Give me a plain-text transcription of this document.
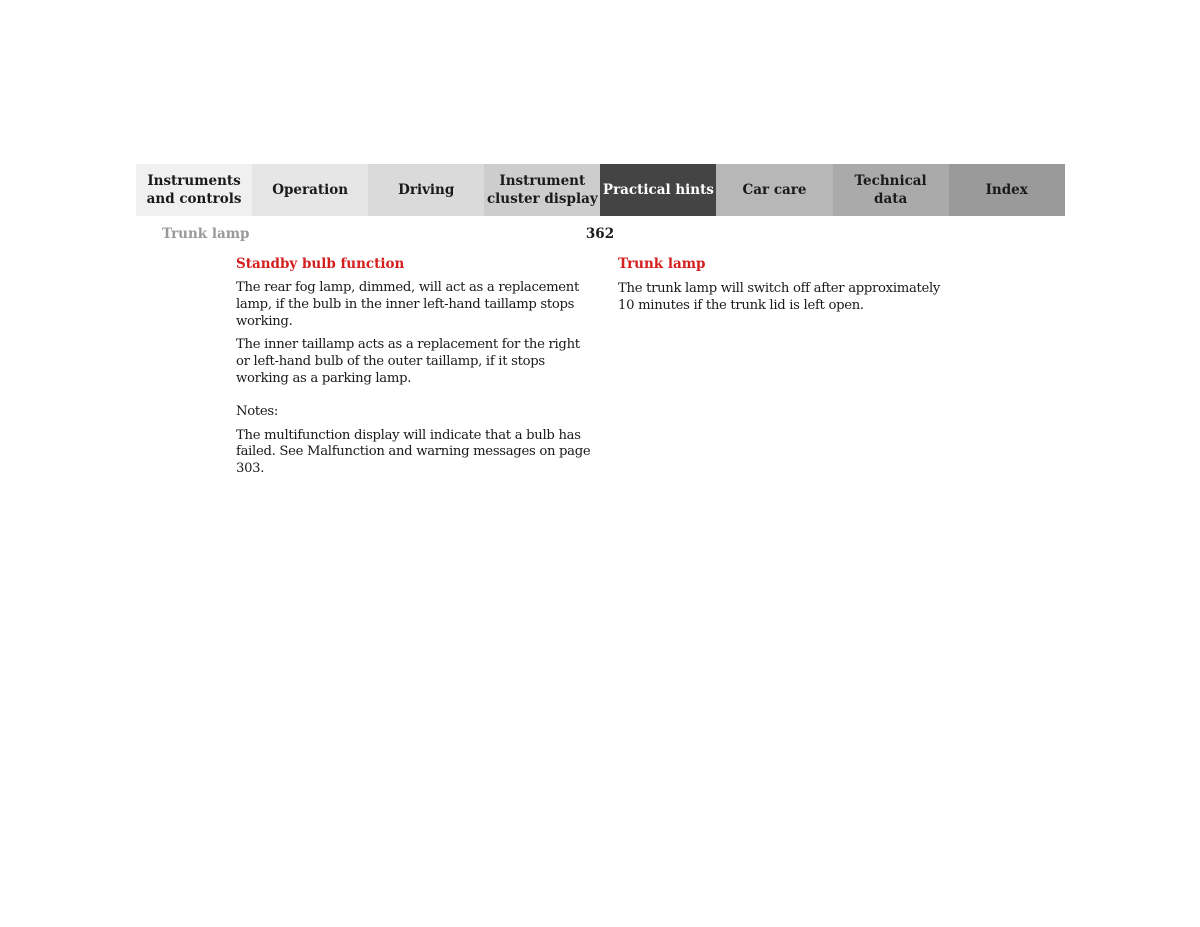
Instruments
and controls
Operation	Driving
Instrument
cluster display
Practical hints	Car care
Technical
data
Index
Trunk lamp	362
Standby bulb function
The rear fog lamp, dimmed, will act as a replacement lamp, if the bulb in the inner left-hand taillamp stops working.
The inner taillamp acts as a replacement for the right or left-hand bulb of the outer taillamp, if it stops working as a parking lamp.
Notes:
The multifunction display will indicate that a bulb has failed. See Malfunction and warning messages on page 303.
Trunk lamp
The trunk lamp will switch off after approximately 10 minutes if the trunk lid is left open.
